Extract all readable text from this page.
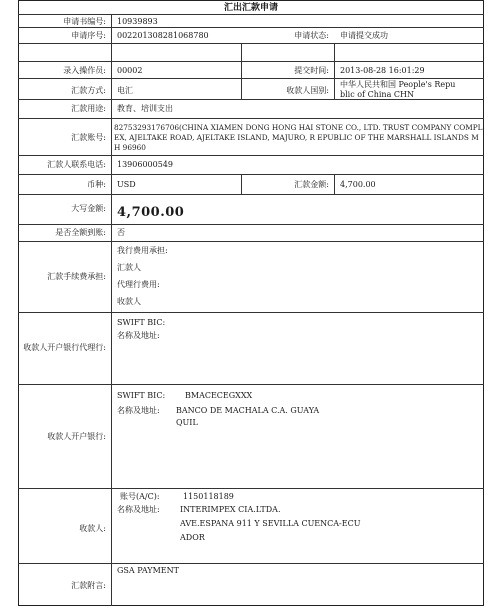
汇出汇款申请
申请书编号: 10939893
申请序号: 002201308281068780	申请状态: 申请提交成功
录入操作员: 00002	提交时间: 2013-08-28 16:01:29
汇款方式: 电汇	收款人国别:
中华人民共和国 People's Repu
blic of China CHN
汇款用途: 教育、培训支出
汇款账号:
82753293176706(CHINA XIAMEN DONG HONG HAI STONE CO., LTD. TRUST COMPANY COMPL
EX, AJELTAKE ROAD, AJELTAKE ISLAND, MAJURO, R EPUBLIC OF THE MARSHALL ISLANDS M
H 96960
汇款人联系电话: 13906000549
币种: USD	汇款金额: 4,700.00
大写金额: 4,700.00
是否全额到账: 否
汇款手续费承担:
我行费用承担:
汇款人
代理行费用:
收款人
收款人开户银行代理行:
SWIFT BIC:
名称及地址:
收款人开户银行:
SWIFT BIC: BMACECEGXXX
名称及地址: BANCO DE MACHALA C.A. GUAYA
QUIL
收款人:
账号(A/C):	1150118189
名称及地址:	INTERIMPEX CIA.LTDA.
AVE.ESPANA 911 Y SEVILLA CUENCA-ECU
ADOR
汇款附言:
GSA PAYMENT
